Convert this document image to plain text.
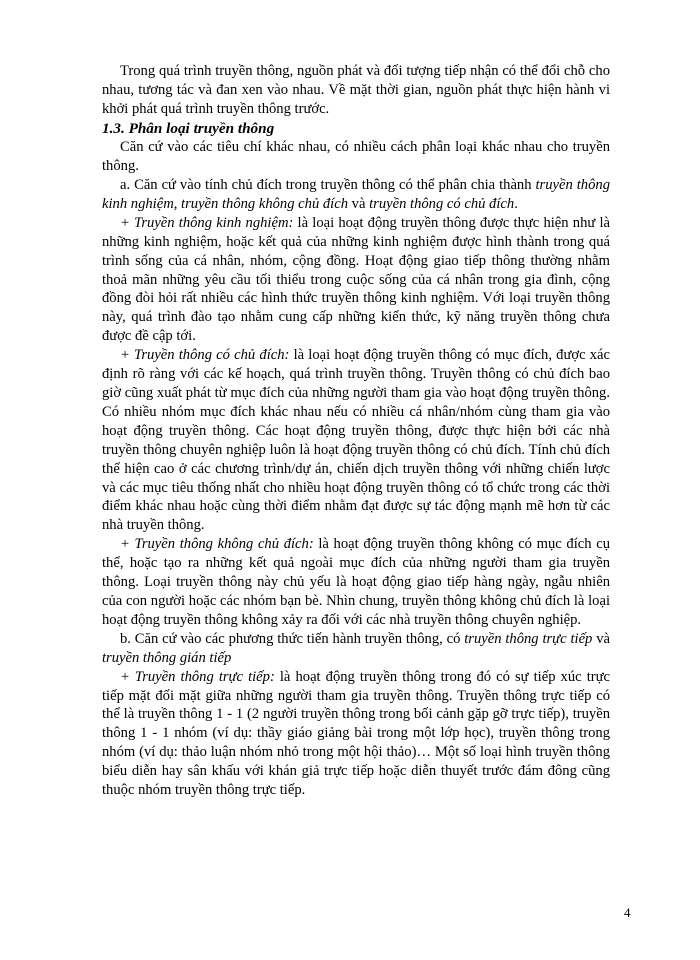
Trong quá trình truyền thông, nguồn phát và đối tượng tiếp nhận có thể đổi chỗ cho nhau, tương tác và đan xen vào nhau. Về mặt thời gian, nguồn phát thực hiện hành vi khởi phát quá trình truyền thông trước.

1.3. Phân loại truyền thông

Căn cứ vào các tiêu chí khác nhau, có nhiều cách phân loại khác nhau cho truyền thông.

a. Căn cứ vào tính chủ đích trong truyền thông có thể phân chia thành truyền thông kinh nghiệm, truyền thông không chủ đích và truyền thông có chủ đích.

+ Truyền thông kinh nghiệm: là loại hoạt động truyền thông được thực hiện như là những kinh nghiệm, hoặc kết quả của những kinh nghiệm được hình thành trong quá trình sống của cá nhân, nhóm, cộng đồng. Hoạt động giao tiếp thông thường nhằm thoả mãn những yêu cầu tối thiểu trong cuộc sống của cá nhân trong gia đình, cộng đồng đòi hỏi rất nhiều các hình thức truyền thông kinh nghiệm. Với loại truyền thông này, quá trình đào tạo nhằm cung cấp những kiến thức, kỹ năng truyền thông chưa được đề cập tới.

+ Truyền thông có chủ đích: là loại hoạt động truyền thông có mục đích, được xác định rõ ràng với các kế hoạch, quá trình truyền thông. Truyền thông có chủ đích bao giờ cũng xuất phát từ mục đích của những người tham gia vào hoạt động truyền thông. Có nhiều nhóm mục đích khác nhau nếu có nhiều cá nhân/nhóm cùng tham gia vào hoạt động truyền thông. Các hoạt động truyền thông, được thực hiện bởi các nhà truyền thông chuyên nghiệp luôn là hoạt động truyền thông có chủ đích. Tính chủ đích thể hiện cao ở các chương trình/dự án, chiến dịch truyền thông với những chiến lược và các mục tiêu thống nhất cho nhiều hoạt động truyền thông có tổ chức trong các thời điểm khác nhau hoặc cùng thời điểm nhằm đạt được sự tác động mạnh mẽ hơn từ các nhà truyền thông.

+ Truyền thông không chủ đích: là hoạt động truyền thông không có mục đích cụ thể, hoặc tạo ra những kết quả ngoài mục đích của những người tham gia truyền thông. Loại truyền thông này chủ yếu là hoạt động giao tiếp hàng ngày, ngẫu nhiên của con người hoặc các nhóm bạn bè. Nhìn chung, truyền thông không chủ đích là loại hoạt động truyền thông không xảy ra đối với các nhà truyền thông chuyên nghiệp.

b. Căn cứ vào các phương thức tiến hành truyền thông, có truyền thông trực tiếp và truyền thông gián tiếp

+ Truyền thông trực tiếp: là hoạt động truyền thông trong đó có sự tiếp xúc trực tiếp mặt đối mặt giữa những người tham gia truyền thông. Truyền thông trực tiếp có thể là truyền thông 1 - 1 (2 người truyền thông trong bối cảnh gặp gỡ trực tiếp), truyền thông 1 - 1 nhóm (ví dụ: thầy giáo giảng bài trong một lớp học), truyền thông trong nhóm (ví dụ: thảo luận nhóm nhỏ trong một hội thảo)… Một số loại hình truyền thông biểu diễn hay sân khấu với khán giả trực tiếp hoặc diễn thuyết trước đám đông cũng thuộc nhóm truyền thông trực tiếp.

4
